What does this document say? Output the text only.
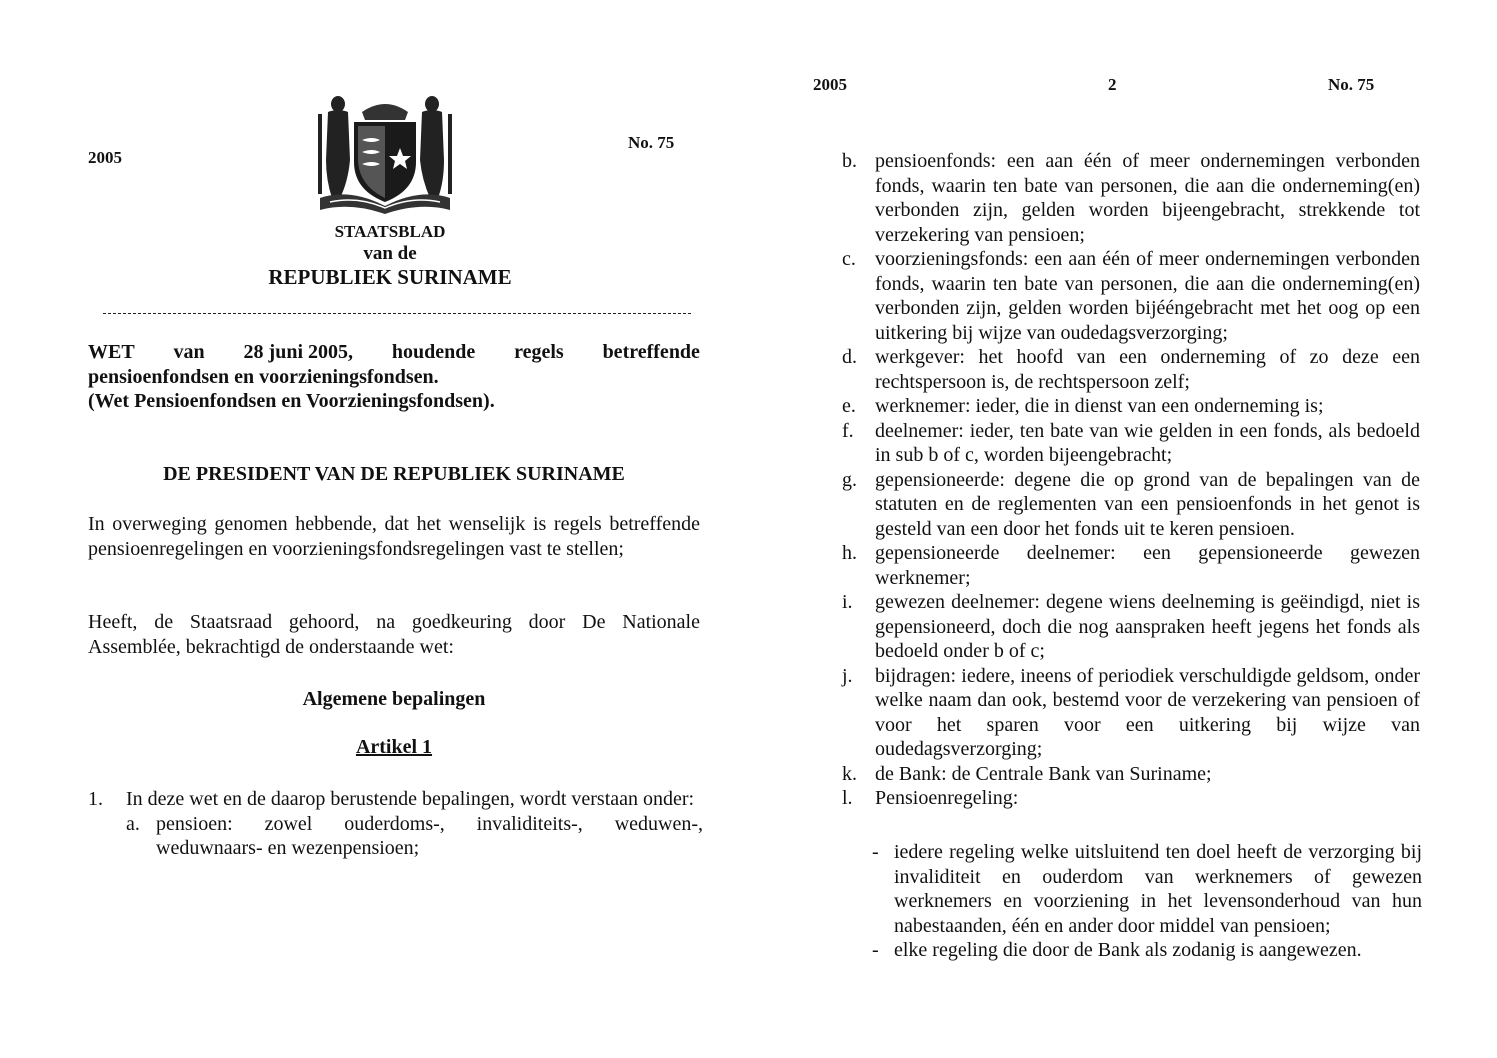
2005
No. 75
STAATSBLAD
van de
REPUBLIEK SURINAME
WET van 28 juni 2005, houdende regels betreffende
pensioenfondsen en voorzieningsfondsen.
(Wet Pensioenfondsen en Voorzieningsfondsen).
DE PRESIDENT VAN DE REPUBLIEK SURINAME
In overweging genomen hebbende, dat het wenselijk is regels betreffende pensioenregelingen en voorzieningsfondsregelingen vast te stellen;
Heeft, de Staatsraad gehoord, na goedkeuring door De Nationale Assemblée, bekrachtigd de onderstaande wet:
Algemene bepalingen
Artikel 1
1.	In deze wet en de daarop berustende bepalingen, wordt verstaan onder:
a. pensioen: zowel ouderdoms-, invaliditeits-, weduwen-, weduwnaars- en wezenpensioen;
2005	2	No. 75
b. pensioenfonds: een aan één of meer ondernemingen verbonden fonds, waarin ten bate van personen, die aan die onderneming(en) verbonden zijn, gelden worden bijeengebracht, strekkende tot verzekering van pensioen;
c. voorzieningsfonds: een aan één of meer ondernemingen verbonden fonds, waarin ten bate van personen, die aan die onderneming(en) verbonden zijn, gelden worden bijééngebracht met het oog op een uitkering bij wijze van oudedagsverzorging;
d. werkgever: het hoofd van een onderneming of zo deze een rechtspersoon is, de rechtspersoon zelf;
e. werknemer: ieder, die in dienst van een onderneming is;
f.	deelnemer: ieder, ten bate van wie gelden in een fonds, als bedoeld in sub b of c, worden bijeengebracht;
g. gepensioneerde: degene die op grond van de bepalingen van de statuten en de reglementen van een pensioenfonds in het genot is gesteld van een door het fonds uit te keren pensioen.
h. gepensioneerde deelnemer: een gepensioneerde gewezen werknemer;
i.	gewezen deelnemer: degene wiens deelneming is geëindigd, niet is gepensioneerd, doch die nog aanspraken heeft jegens het fonds als bedoeld onder b of c;
j.	bijdragen: iedere, ineens of periodiek verschuldigde geldsom, onder welke naam dan ook, bestemd voor de verzekering van pensioen of voor het sparen voor een uitkering bij wijze van oudedagsverzorging;
k. de Bank: de Centrale Bank van Suriname;
l.	Pensioenregeling:
- iedere regeling welke uitsluitend ten doel heeft de verzorging bij invaliditeit en ouderdom van werknemers of gewezen werknemers en voorziening in het levensonderhoud van hun nabestaanden, één en ander door middel van pensioen;
- elke regeling die door de Bank als zodanig is aangewezen.
